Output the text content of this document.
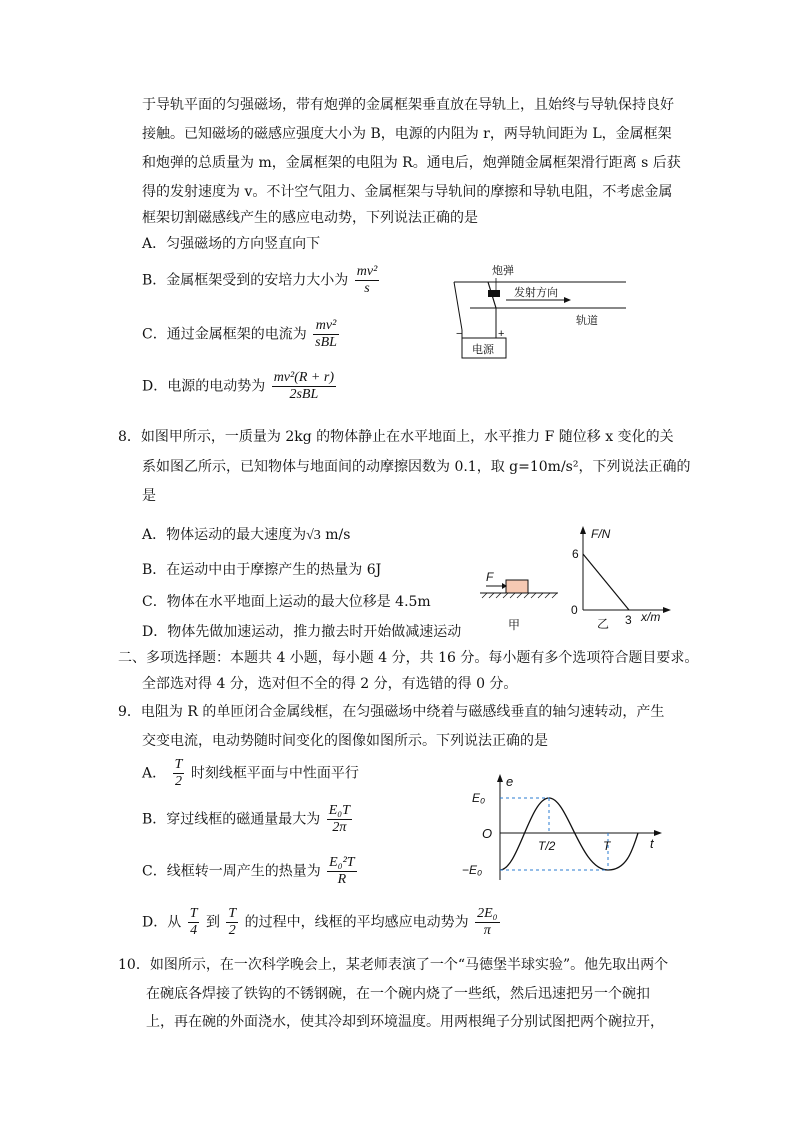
于导轨平面的匀强磁场，带有炮弹的金属框架垂直放在导轨上，且始终与导轨保持良好
接触。已知磁场的磁感应强度大小为 B，电源的内阻为 r，两导轨间距为 L，金属框架
和炮弹的总质量为 m，金属框架的电阻为 R。通电后，炮弹随金属框架滑行距离 s 后获
得的发射速度为 v。不计空气阻力、金属框架与导轨间的摩擦和导轨电阻，不考虑金属
框架切割磁感线产生的感应电动势，下列说法正确的是
A．匀强磁场的方向竖直向下
B．金属框架受到的安培力大小为 $\frac{\text{mv²}}{s}$
C．通过金属框架的电流为 $\frac{\text{mv²}}{\text{sBL}}$
D．电源的电动势为 $\frac{\text{mv²(R + r)}}{\text{2sBL}}$
炮弹
发射方向
轨道
电源
−	+
8．如图甲所示，一质量为 2kg 的物体静止在水平地面上，水平推力 F 随位移 x 变化的关
系如图乙所示，已知物体与地面间的动摩擦因数为 0.1，取 g=10m/s²，下列说法正确的
是
A．物体运动的最大速度为√3 m/s
B．在运动中由于摩擦产生的热量为 6J
C．物体在水平地面上运动的最大位移是 4.5m
D．物体先做加速运动，推力撤去时开始做减速运动
F
甲
F/N
x/m
6
0
3
乙
二、多项选择题：本题共 4 小题，每小题 4 分，共 16 分。每小题有多个选项符合题目要求。
全部选对得 4 分，选对但不全的得 2 分，有选错的得 0 分。
9．电阻为 R 的单匝闭合金属线框，在匀强磁场中绕着与磁感线垂直的轴匀速转动，产生
交变电流，电动势随时间变化的图像如图所示。下列说法正确的是
A． $\frac{T}{2}$ 时刻线框平面与中性面平行
B．穿过线框的磁通量最大为 $\frac{\text{E₀T}}{2\pi}$
C．线框转一周产生的热量为 $\frac{\text{E₀²T}}{R}$
D．从 $\frac{T}{4}$ 到 $\frac{T}{2}$ 的过程中，线框的平均感应电动势为 $\frac{\text{2E₀}}{\pi}$
e
t
O
E₀
−E₀
T/2	T
10．如图所示，在一次科学晚会上，某老师表演了一个“马德堡半球实验”。他先取出两个
在碗底各焊接了铁钩的不锈钢碗，在一个碗内烧了一些纸，然后迅速把另一个碗扣
上，再在碗的外面浇水，使其冷却到环境温度。用两根绳子分别试图把两个碗拉开，
